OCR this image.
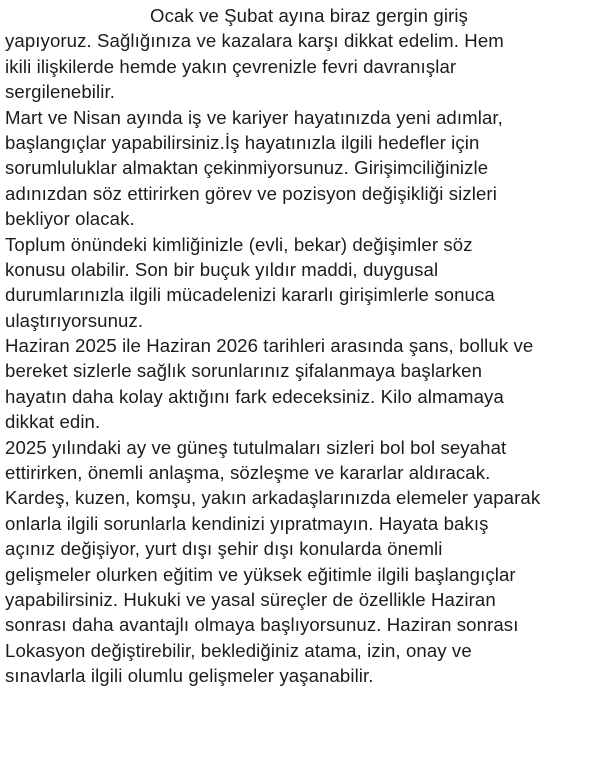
Ocak ve Şubat ayına biraz gergin giriş
yapıyoruz. Sağlığınıza ve kazalara karşı dikkat edelim. Hem
ikili ilişkilerde hemde yakın çevrenizle fevri davranışlar
sergilenebilir.
Mart ve Nisan ayında iş ve kariyer hayatınızda yeni adımlar,
başlangıçlar yapabilirsiniz.İş hayatınızla ilgili hedefler için
sorumluluklar almaktan çekinmiyorsunuz. Girişimciliğinizle
adınızdan söz ettirirken görev ve pozisyon değişikliği sizleri
bekliyor olacak.
Toplum önündeki kimliğinizle (evli, bekar) değişimler söz
konusu olabilir. Son bir buçuk yıldır maddi, duygusal
durumlarınızla ilgili mücadelenizi kararlı girişimlerle sonuca
ulaştırıyorsunuz.
Haziran 2025 ile Haziran 2026 tarihleri arasında şans, bolluk ve
bereket sizlerle sağlık sorunlarınız şifalanmaya başlarken
hayatın daha kolay aktığını fark edeceksiniz. Kilo almamaya
dikkat edin.
2025 yılındaki ay ve güneş tutulmaları sizleri bol bol seyahat
ettirirken, önemli anlaşma, sözleşme ve kararlar aldıracak.
Kardeş, kuzen, komşu, yakın arkadaşlarınızda elemeler yaparak
onlarla ilgili sorunlarla kendinizi yıpratmayın. Hayata bakış
açınız değişiyor, yurt dışı şehir dışı konularda önemli
gelişmeler olurken eğitim ve yüksek eğitimle ilgili başlangıçlar
yapabilirsiniz. Hukuki ve yasal süreçler de özellikle Haziran
sonrası daha avantajlı olmaya başlıyorsunuz. Haziran sonrası
Lokasyon değiştirebilir, beklediğiniz atama, izin, onay ve
sınavlarla ilgili olumlu gelişmeler yaşanabilir.
